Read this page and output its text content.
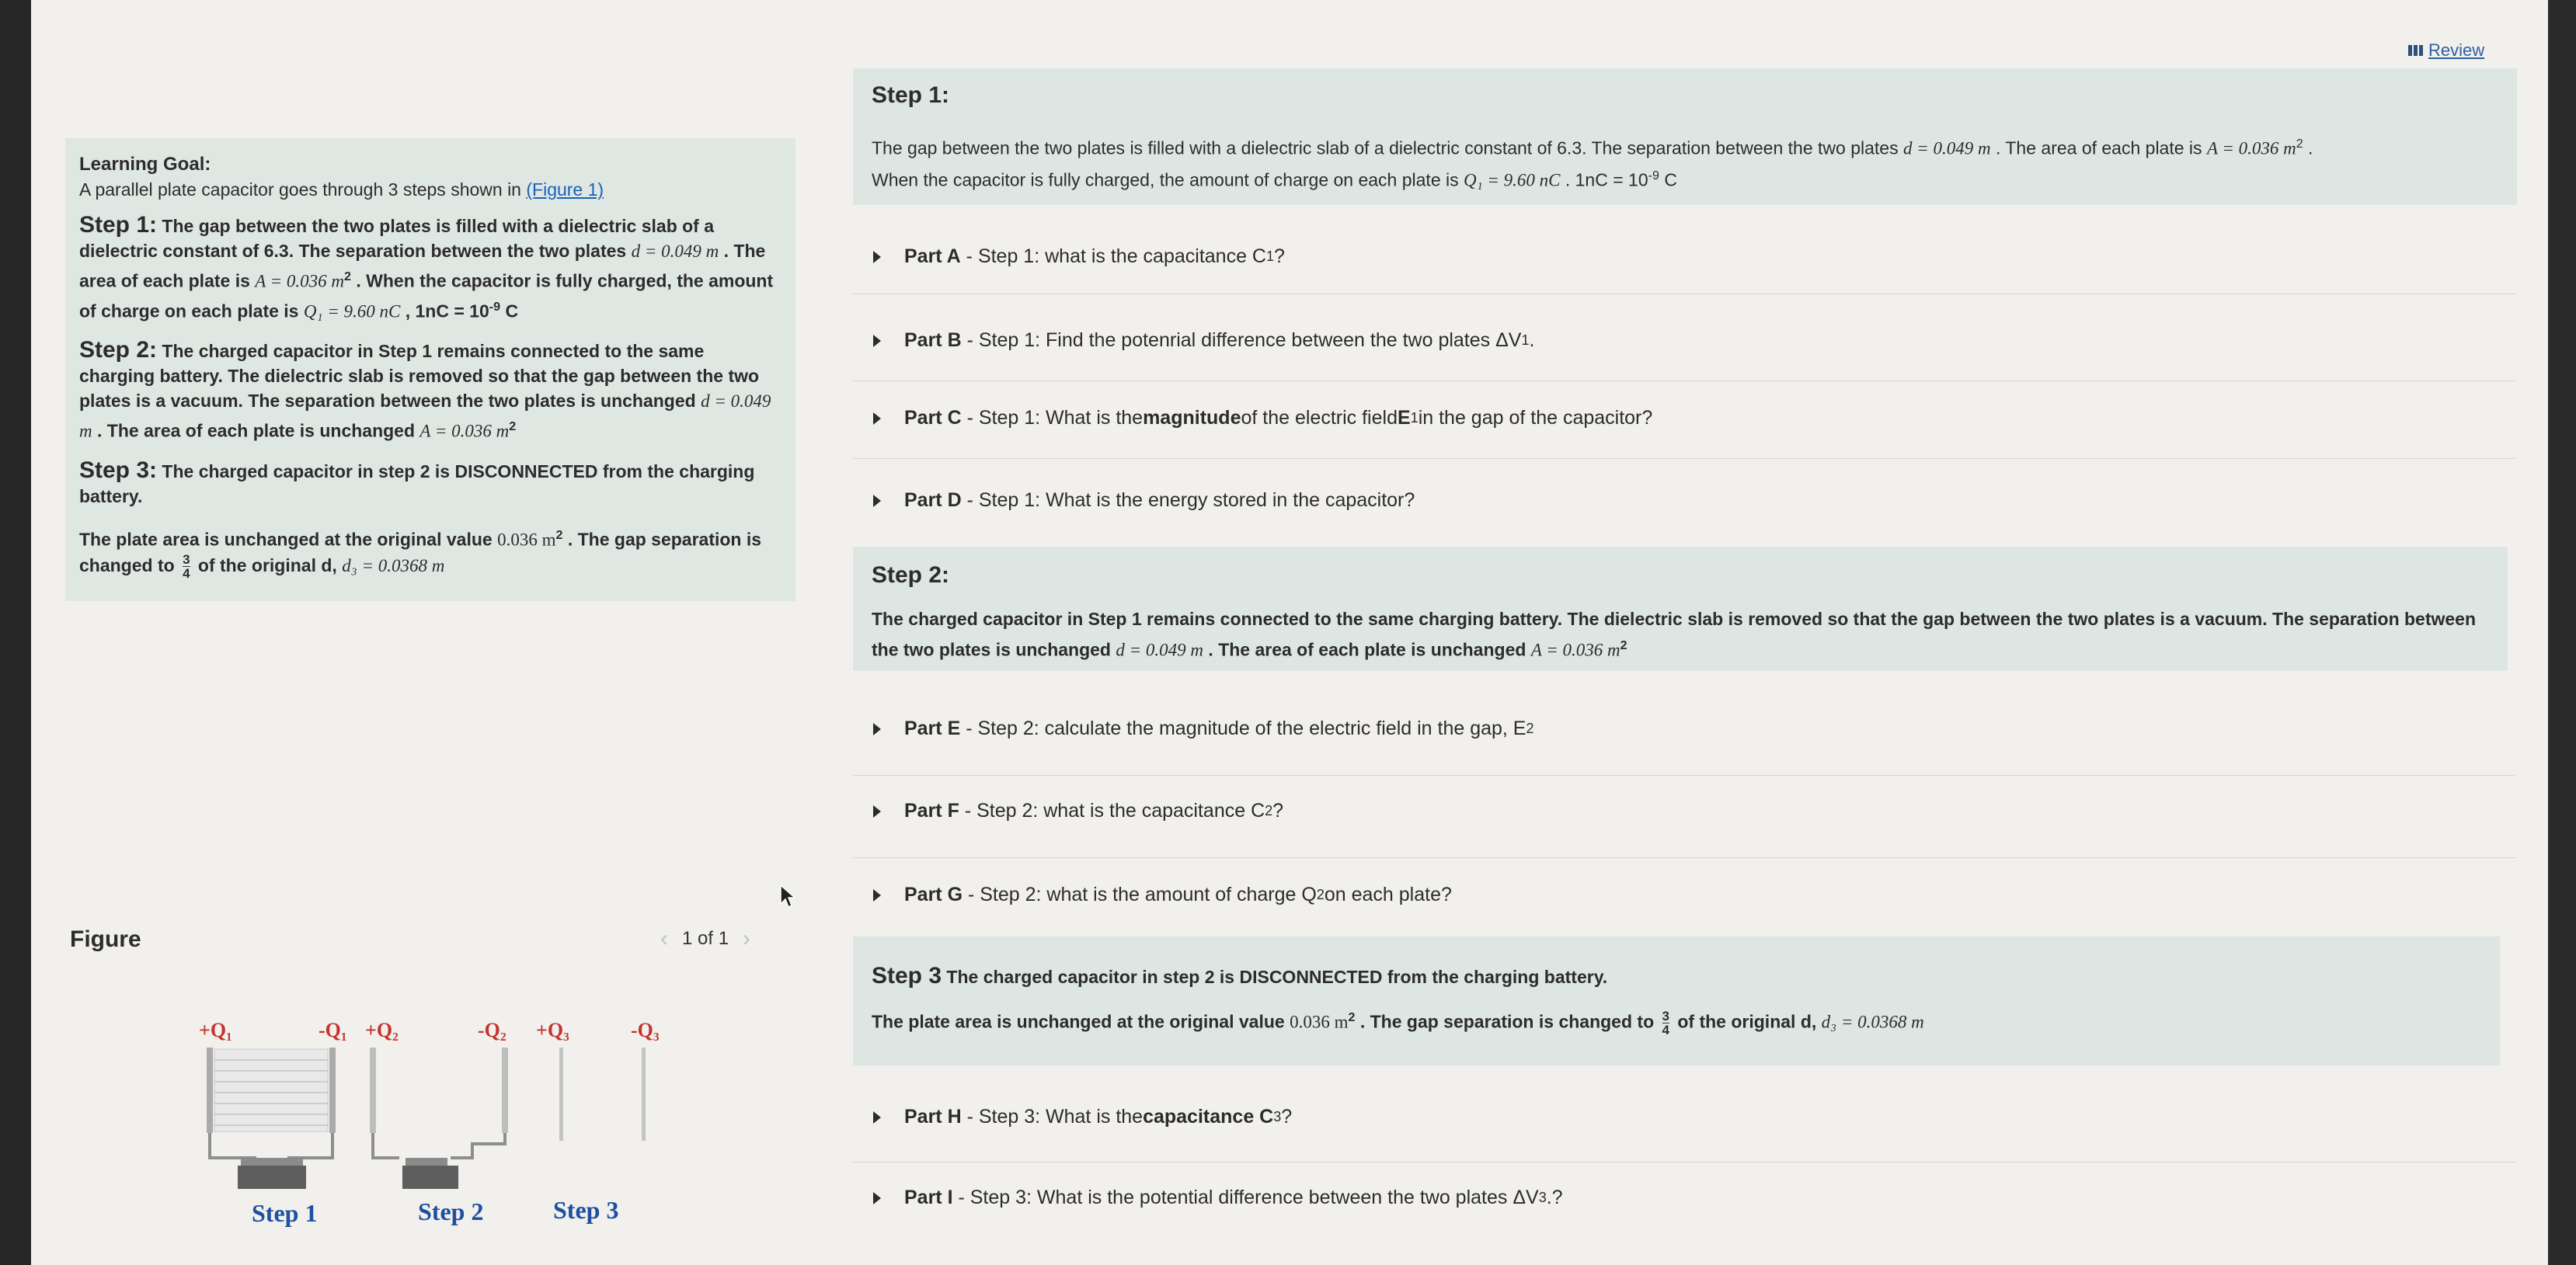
Learning Goal:
A parallel plate capacitor goes through 3 steps shown in (Figure 1)
Step 1: The gap between the two plates is filled with a dielectric slab of a dielectric constant of 6.3. The separation between the two plates d = 0.049 m . The area of each plate is A = 0.036 $m^2$ . When the capacitor is fully charged, the amount of charge on each plate is Q₁ = 9.60 nC , $1nC = 10^{-9}$ C
Step 2: The charged capacitor in Step 1 remains connected to the same charging battery. The dielectric slab is removed so that the gap between the two plates is a vacuum. The separation between the two plates is unchanged d = 0.049 m . The area of each plate is unchanged A = 0.036 $m^2$
Step 3: The charged capacitor in step 2 is DISCONNECTED from the charging battery.
The plate area is unchanged at the original value 0.036 $m^2$ . The gap separation is changed to $\frac{3}{4}$ of the original d, d₃ = 0.0368 m
Figure	‹ 1 of 1 ›
+Q₁	-Q₁ +Q₂	-Q₂ +Q₃	-Q₃
Step 1	Step 2	Step 3
Review
Step 1:
The gap between the two plates is filled with a dielectric slab of a dielectric constant of 6.3. The separation between the two plates d = 0.049 m . The area of each plate is A = 0.036 $m^2$ .
When the capacitor is fully charged, the amount of charge on each plate is Q₁ = 9.60 nC . $1nC = 10^{-9}$ C
Part A - Step 1: what is the capacitance C 1 ?
Part B - Step 1: Find the potenrial difference between the two plates ΔV 1 .
Part C - Step 1: What is the magnitude of the electric field E 1 in the gap of the capacitor?
Part D - Step 1: What is the energy stored in the capacitor?
Step 2:
The charged capacitor in Step 1 remains connected to the same charging battery. The dielectric slab is removed so that the gap between the two plates is a vacuum. The separation between
the two plates is unchanged d = 0.049 m . The area of each plate is unchanged A = 0.036 $m^2$
Part E - Step 2: calculate the magnitude of the electric field in the gap, E 2
Part F - Step 2: what is the capacitance C 2 ?
Part G - Step 2: what is the amount of charge Q 2 on each plate?
Step 3 The charged capacitor in step 2 is DISCONNECTED from the charging battery.
The plate area is unchanged at the original value 0.036 $m^2$ . The gap separation is changed to $\frac{3}{4}$ of the original d, d₃ = 0.0368 m
Part H - Step 3: What is the capacitance C 3 ?
Part I - Step 3: What is the potential difference between the two plates ΔV 3 .?
